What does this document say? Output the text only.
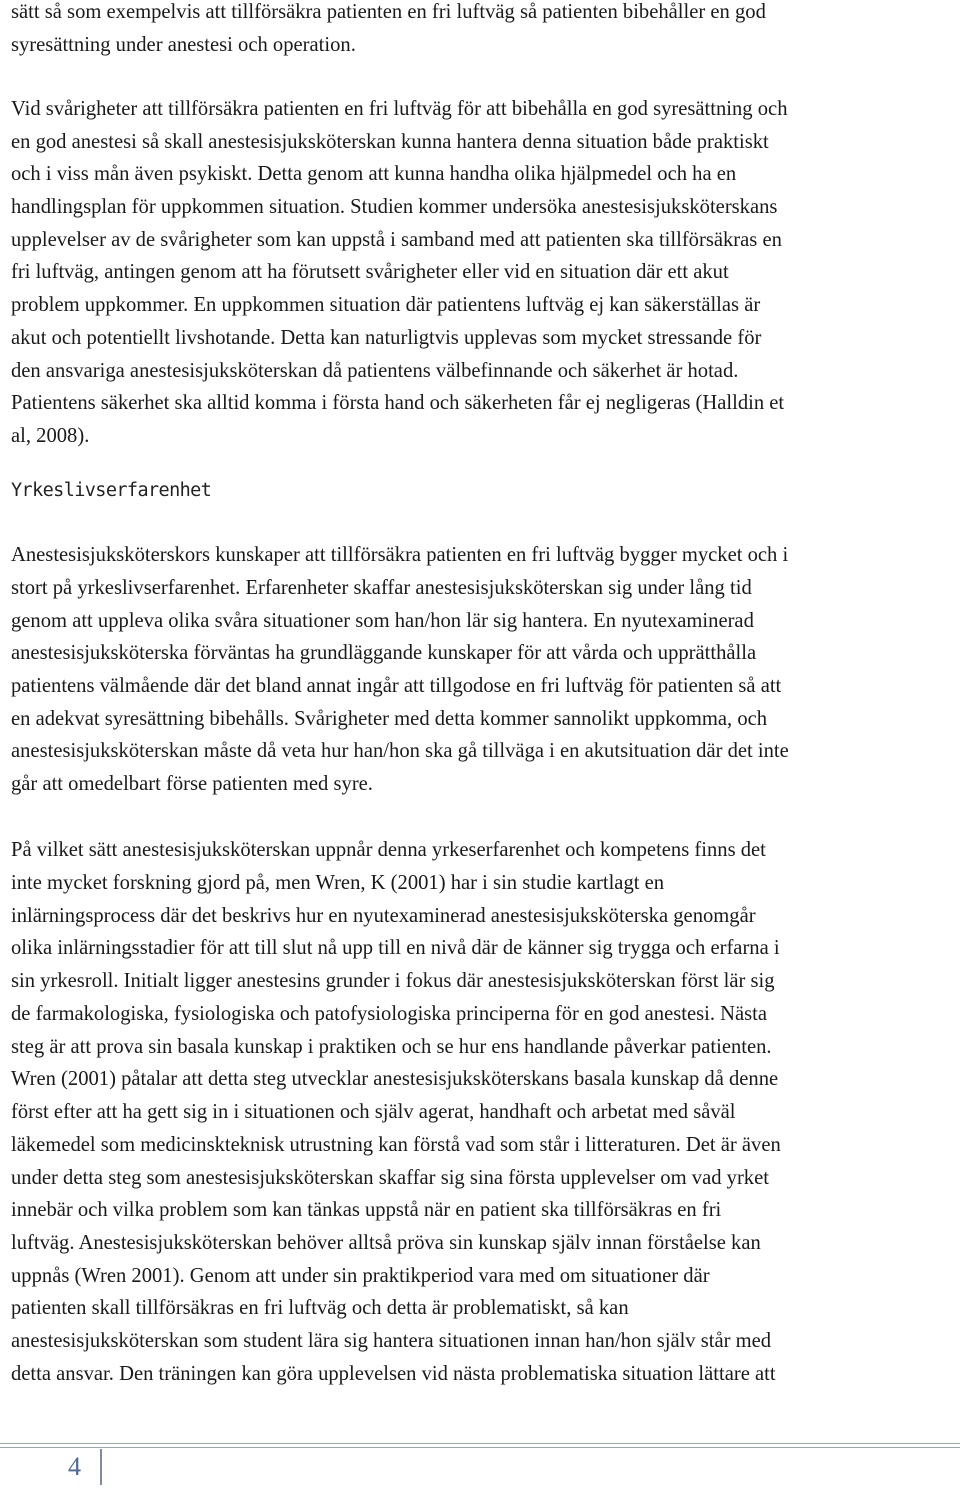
sätt så som exempelvis att tillförsäkra patienten en fri luftväg så patienten bibehåller en god
syresättning under anestesi och operation.
Vid svårigheter att tillförsäkra patienten en fri luftväg för att bibehålla en god syresättning och
en god anestesi så skall anestesisjuksköterskan kunna hantera denna situation både praktiskt
och i viss mån även psykiskt. Detta genom att kunna handha olika hjälpmedel och ha en
handlingsplan för uppkommen situation. Studien kommer undersöka anestesisjuksköterskans
upplevelser av de svårigheter som kan uppstå i samband med att patienten ska tillförsäkras en
fri luftväg, antingen genom att ha förutsett svårigheter eller vid en situation där ett akut
problem uppkommer. En uppkommen situation där patientens luftväg ej kan säkerställas är
akut och potentiellt livshotande. Detta kan naturligtvis upplevas som mycket stressande för
den ansvariga anestesisjuksköterskan då patientens välbefinnande och säkerhet är hotad.
Patientens säkerhet ska alltid komma i första hand och säkerheten får ej negligeras (Halldin et
al, 2008).
Yrkeslivserfarenhet
Anestesisjuksköterskors kunskaper att tillförsäkra patienten en fri luftväg bygger mycket och i
stort på yrkeslivserfarenhet. Erfarenheter skaffar anestesisjuksköterskan sig under lång tid
genom att uppleva olika svåra situationer som han/hon lär sig hantera. En nyutexaminerad
anestesisjuksköterska förväntas ha grundläggande kunskaper för att vårda och upprätthålla
patientens välmående där det bland annat ingår att tillgodose en fri luftväg för patienten så att
en adekvat syresättning bibehålls. Svårigheter med detta kommer sannolikt uppkomma, och
anestesisjuksköterskan måste då veta hur han/hon ska gå tillväga i en akutsituation där det inte
går att omedelbart förse patienten med syre.
På vilket sätt anestesisjuksköterskan uppnår denna yrkeserfarenhet och kompetens finns det
inte mycket forskning gjord på, men Wren, K (2001) har i sin studie kartlagt en
inlärningsprocess där det beskrivs hur en nyutexaminerad anestesisjuksköterska genomgår
olika inlärningsstadier för att till slut nå upp till en nivå där de känner sig trygga och erfarna i
sin yrkesroll. Initialt ligger anestesins grunder i fokus där anestesisjuksköterskan först lär sig
de farmakologiska, fysiologiska och patofysiologiska principerna för en god anestesi. Nästa
steg är att prova sin basala kunskap i praktiken och se hur ens handlande påverkar patienten.
Wren (2001) påtalar att detta steg utvecklar anestesisjuksköterskans basala kunskap då denne
först efter att ha gett sig in i situationen och själv agerat, handhaft och arbetat med såväl
läkemedel som medicinskteknisk utrustning kan förstå vad som står i litteraturen. Det är även
under detta steg som anestesisjuksköterskan skaffar sig sina första upplevelser om vad yrket
innebär och vilka problem som kan tänkas uppstå när en patient ska tillförsäkras en fri
luftväg. Anestesisjuksköterskan behöver alltså pröva sin kunskap själv innan förståelse kan
uppnås (Wren 2001). Genom att under sin praktikperiod vara med om situationer där
patienten skall tillförsäkras en fri luftväg och detta är problematiskt, så kan
anestesisjuksköterskan som student lära sig hantera situationen innan han/hon själv står med
detta ansvar. Den träningen kan göra upplevelsen vid nästa problematiska situation lättare att
4
